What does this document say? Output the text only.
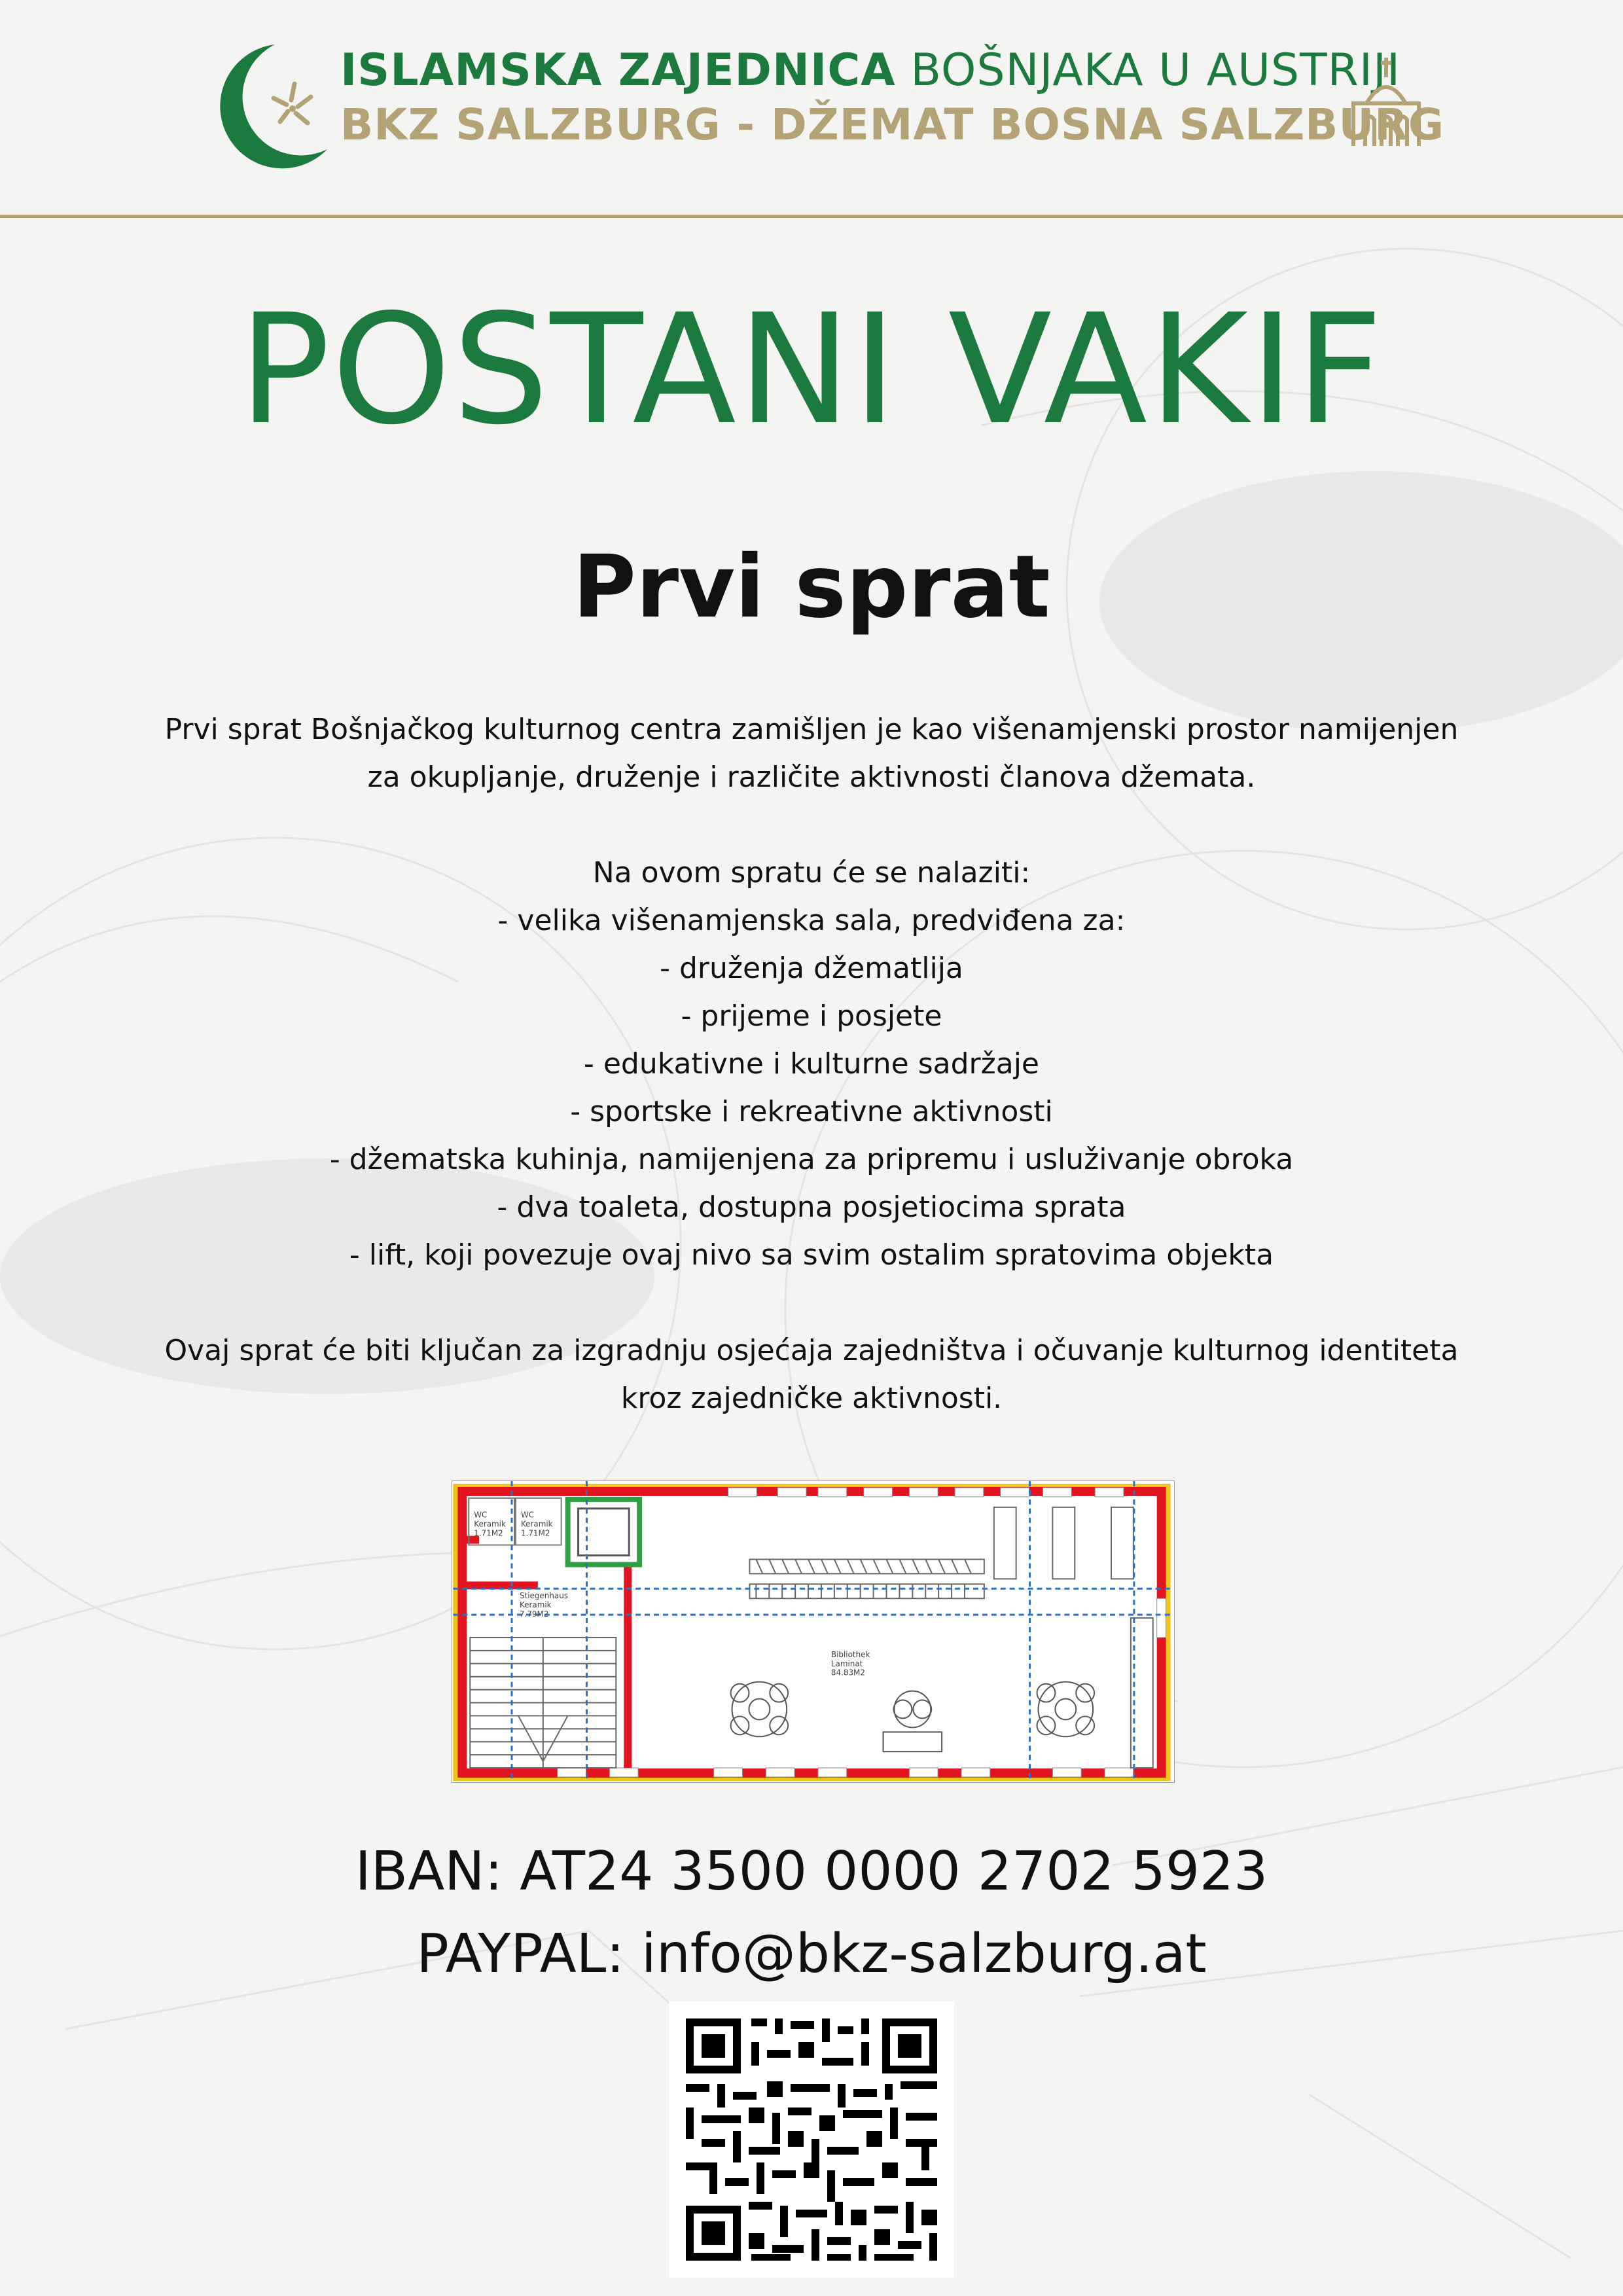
ISLAMSKA ZAJEDNICA BOŠNJAKA U AUSTRIJI
BKZ SALZBURG - DŽEMAT BOSNA SALZBURG
POSTANI VAKIF
Prvi sprat

Prvi sprat Bošnjačkog kulturnog centra zamišljen je kao višenamjenski prostor namijenjen

za okupljanje, druženje i različite aktivnosti članova džemata.

Na ovom spratu će se nalaziti:

- velika višenamjenska sala, predviđena za:

- druženja džematlija

- prijeme i posjete

- edukativne i kulturne sadržaje

- sportske i rekreativne aktivnosti

- džematska kuhinja, namijenjena za pripremu i usluživanje obroka

- dva toaleta, dostupna posjetiocima sprata

- lift, koji povezuje ovaj nivo sa svim ostalim spratovima objekta

Ovaj sprat će biti ključan za izgradnju osjećaja zajedništva i očuvanje kulturnog identiteta

kroz zajedničke aktivnosti.

WC
Keramik
1.71M2
WC
Keramik
1.71M2
Stiegenhaus
Keramik
7.79M2
Bibliothek
Laminat
84.83M2
IBAN: AT24 3500 0000 2702 5923
PAYPAL: info@bkz-salzburg.at
